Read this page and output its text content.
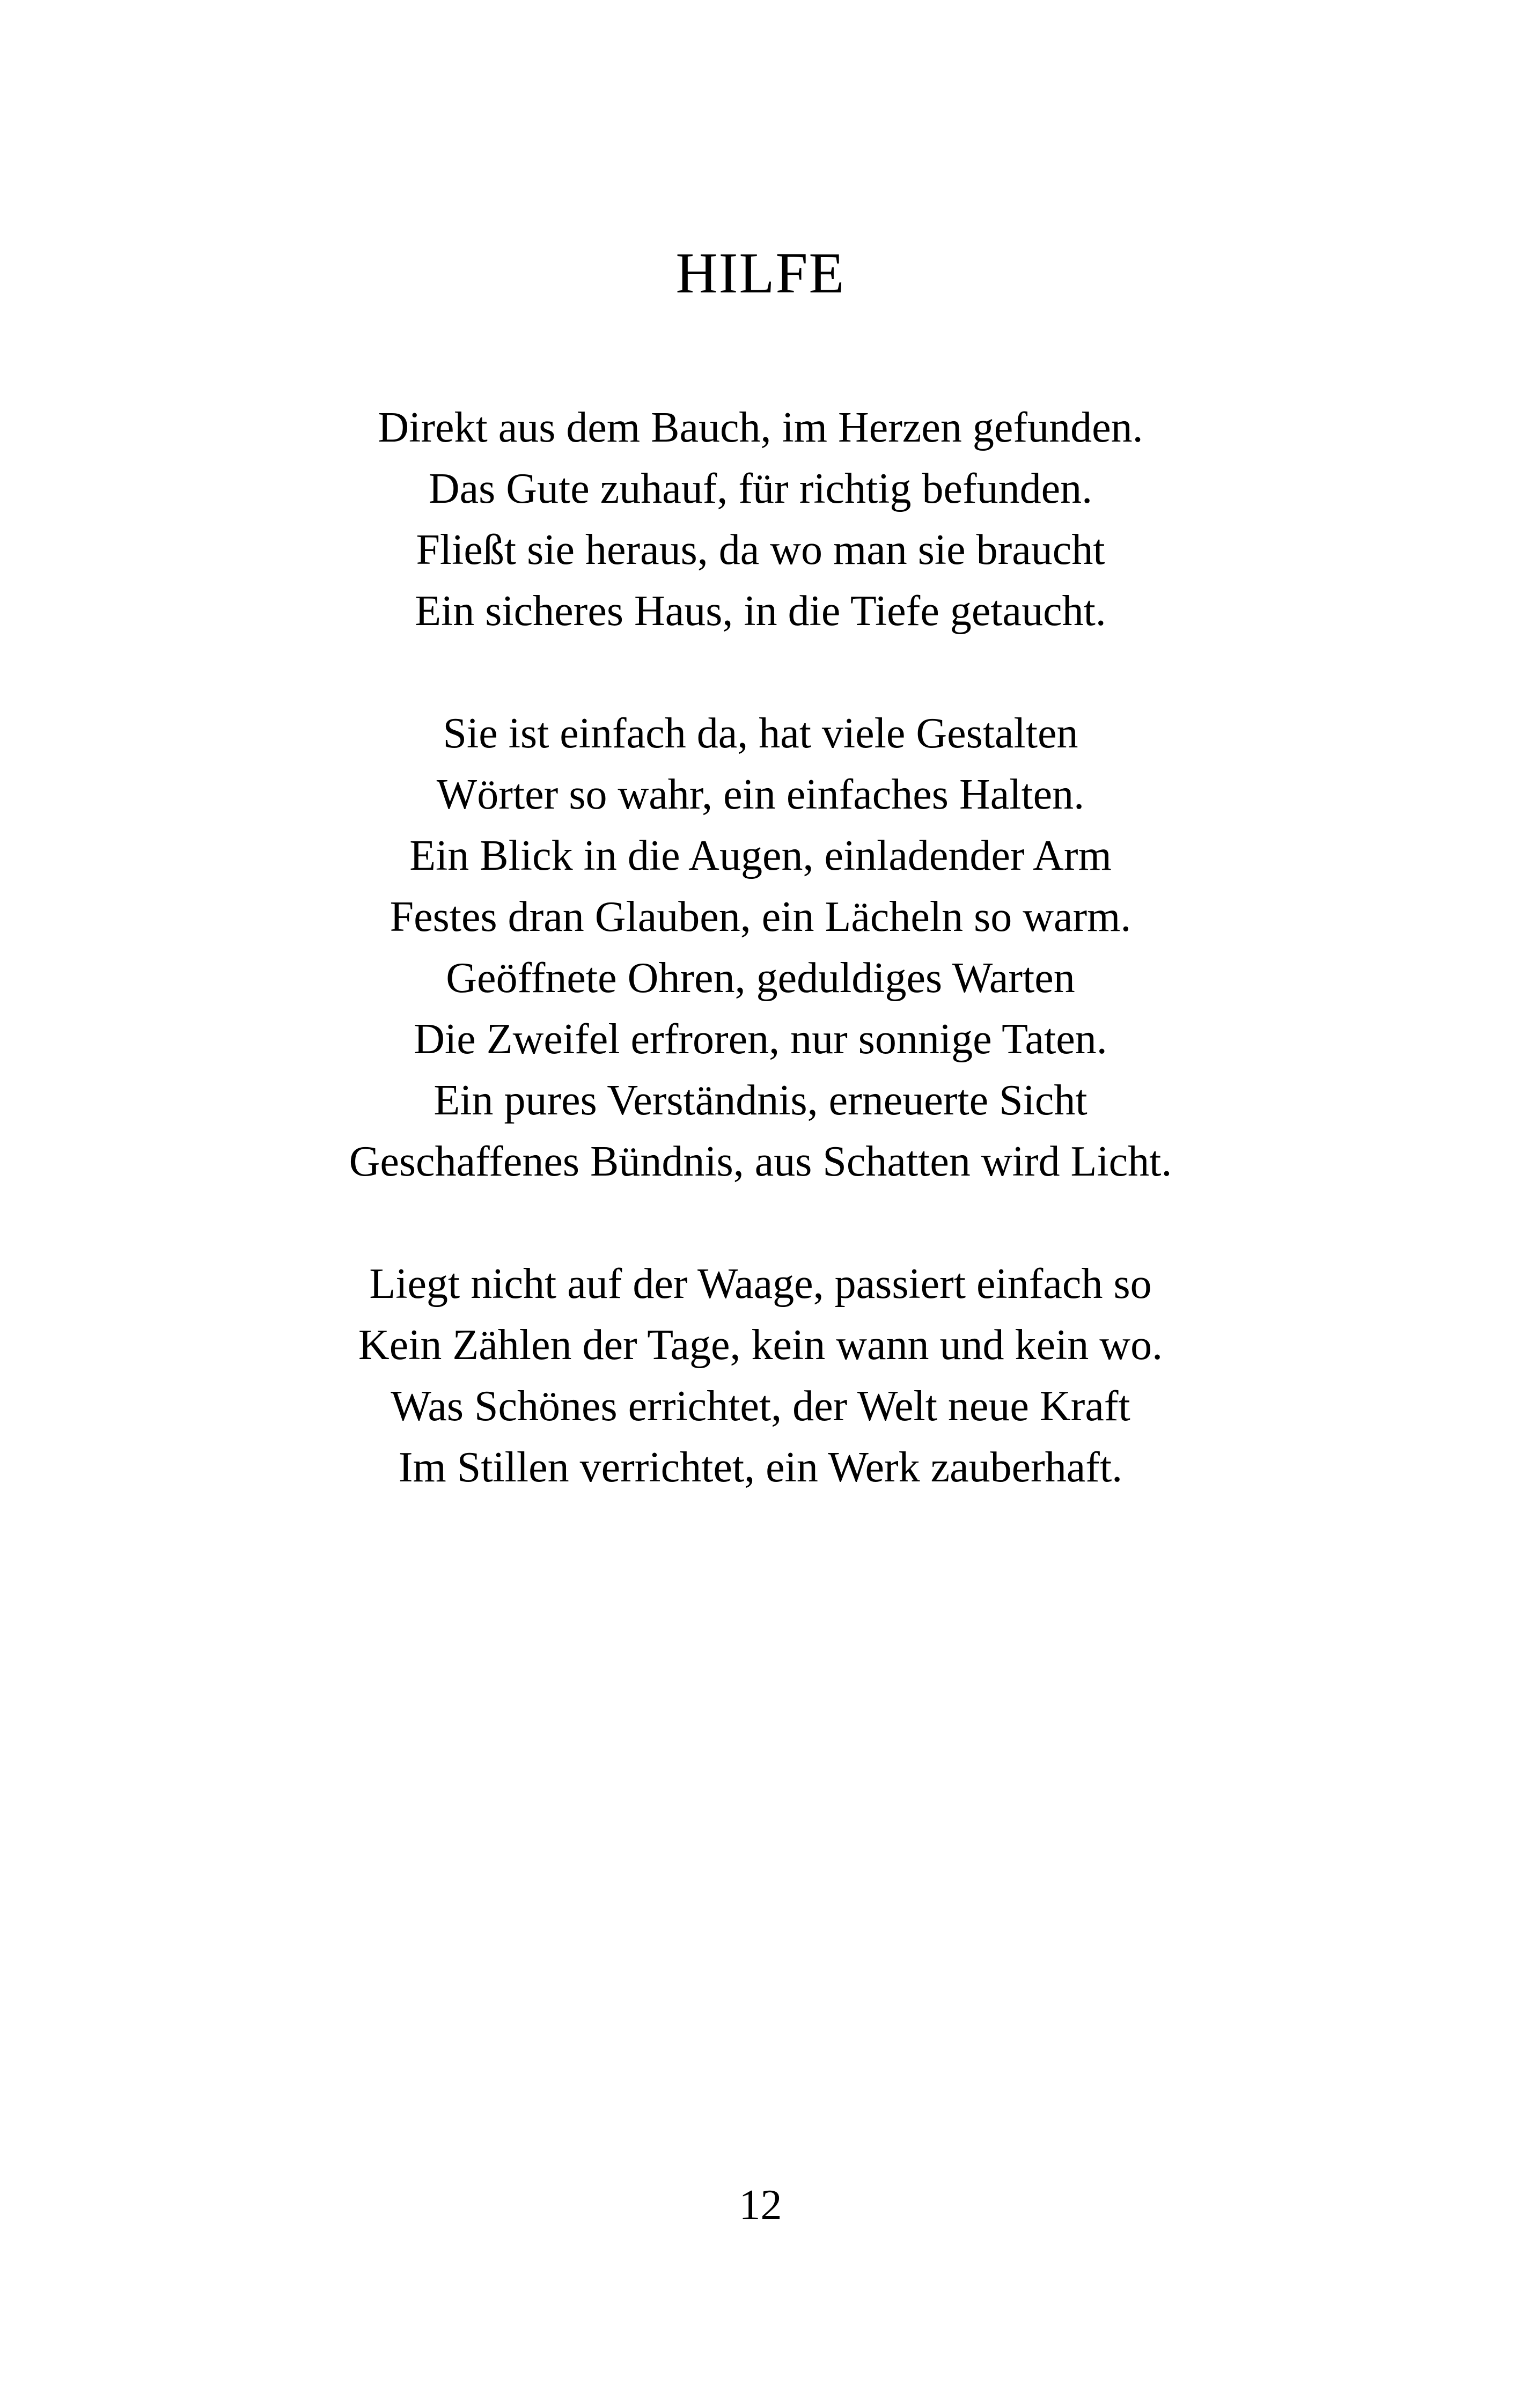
HILFE

Direkt aus dem Bauch, im Herzen gefunden.
Das Gute zuhauf, für richtig befunden.
Fließt sie heraus, da wo man sie braucht
Ein sicheres Haus, in die Tiefe getaucht.

Sie ist einfach da, hat viele Gestalten
Wörter so wahr, ein einfaches Halten.
Ein Blick in die Augen, einladender Arm
Festes dran Glauben, ein Lächeln so warm.
Geöffnete Ohren, geduldiges Warten
Die Zweifel erfroren, nur sonnige Taten.
Ein pures Verständnis, erneuerte Sicht
Geschaffenes Bündnis, aus Schatten wird Licht.

Liegt nicht auf der Waage, passiert einfach so
Kein Zählen der Tage, kein wann und kein wo.
Was Schönes errichtet, der Welt neue Kraft
Im Stillen verrichtet, ein Werk zauberhaft.

12
